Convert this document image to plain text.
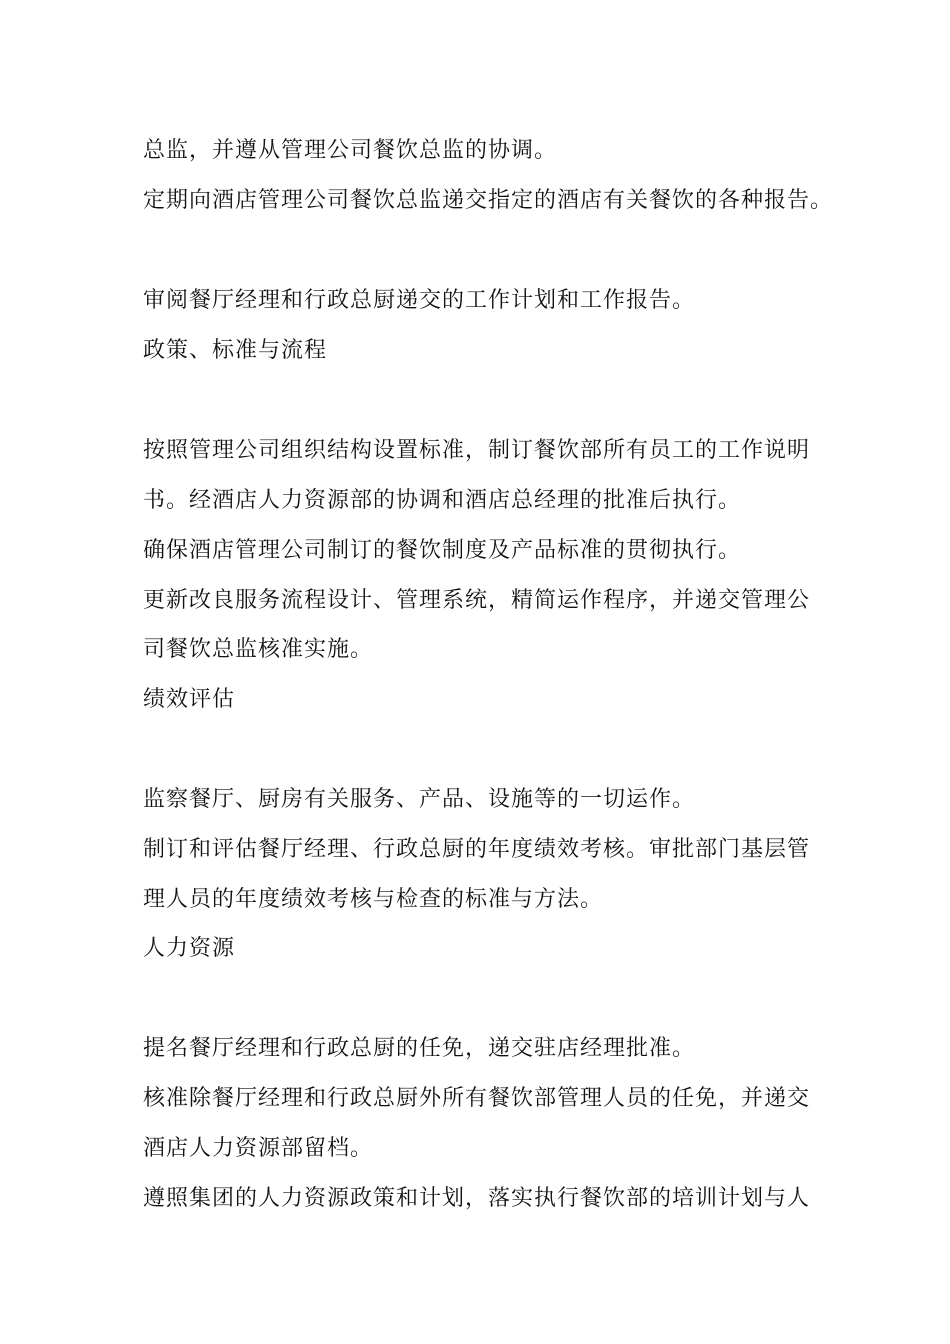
总监，并遵从管理公司餐饮总监的协调。

定期向酒店管理公司餐饮总监递交指定的酒店有关餐饮的各种报告。

审阅餐厅经理和行政总厨递交的工作计划和工作报告。

政策、标准与流程

按照管理公司组织结构设置标准，制订餐饮部所有员工的工作说明

书。经酒店人力资源部的协调和酒店总经理的批准后执行。

确保酒店管理公司制订的餐饮制度及产品标准的贯彻执行。

更新改良服务流程设计、管理系统，精简运作程序，并递交管理公

司餐饮总监核准实施。

绩效评估

监察餐厅、厨房有关服务、产品、设施等的一切运作。

制订和评估餐厅经理、行政总厨的年度绩效考核。审批部门基层管

理人员的年度绩效考核与检查的标准与方法。

人力资源

提名餐厅经理和行政总厨的任免，递交驻店经理批准。

核准除餐厅经理和行政总厨外所有餐饮部管理人员的任免，并递交

酒店人力资源部留档。

遵照集团的人力资源政策和计划，落实执行餐饮部的培训计划与人
